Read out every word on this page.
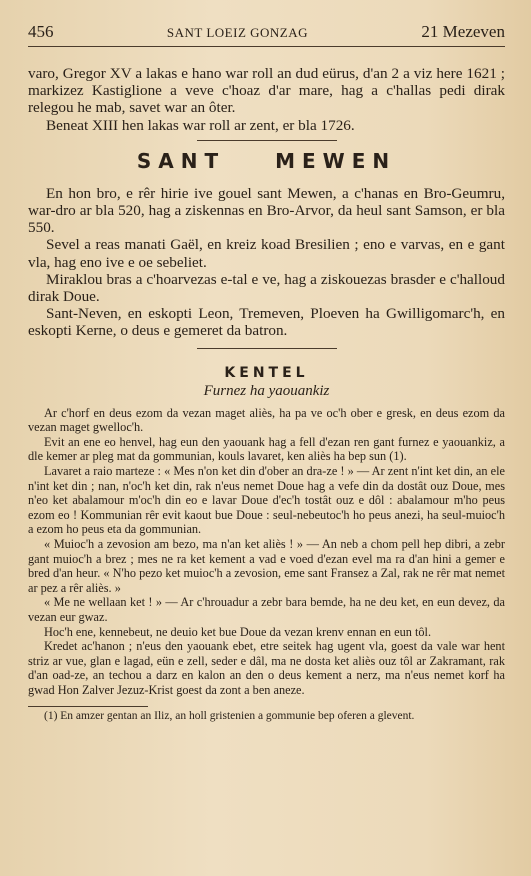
456	SANT LOEIZ GONZAG	21 Mezeven

varo, Gregor XV a lakas e hano war roll an dud eürus, d'an 2 a viz here 1621 ; markizez Kastiglione a veve c'hoaz d'ar mare, hag a c'hallas pedi dirak relegou he mab, savet war an ôter.

Beneat XIII hen lakas war roll ar zent, er bla 1726.

SANT	MEWEN

En hon bro, e rêr hirie ive gouel sant Mewen, a c'hanas en Bro-Geumru, war-dro ar bla 520, hag a ziskennas en Bro-Arvor, da heul sant Samson, er bla 550.

Sevel a reas manati Gaël, en kreiz koad Bresilien ; eno e varvas, en e gant vla, hag eno ive e oe sebeliet.

Miraklou bras a c'hoarvezas e-tal e ve, hag a ziskouezas brasder e c'halloud dirak Doue.

Sant-Neven, en eskopti Leon, Tremeven, Ploeven ha Gwilligomarc'h, en eskopti Kerne, o deus e gemeret da batron.

KENTEL
Furnez ha yaouankiz

Ar c'horf en deus ezom da vezan maget aliès, ha pa ve oc'h ober e gresk, en deus ezom da vezan maget gwelloc'h.

Evit an ene eo henvel, hag eun den yaouank hag a fell d'ezan ren gant furnez e yaouankiz, a dle kemer ar pleg mat da gommunian, kouls lavaret, ken aliès ha bep sun (1).

Lavaret a raio marteze : « Mes n'on ket din d'ober an dra-ze ! » — Ar zent n'int ket din, an ele n'int ket din ; nan, n'oc'h ket din, rak n'eus nemet Doue hag a vefe din da dostât ouz Doue, mes n'eo ket abalamour m'oc'h din eo e lavar Doue d'ec'h tostât ouz e dôl : abalamour m'ho peus ezom eo ! Kommunian rêr evit kaout bue Doue : seul-nebeutoc'h ho peus anezi, ha seul-muioc'h a ezom ho peus eta da gommunian.

« Muioc'h a zevosion am bezo, ma n'an ket aliès ! » — An neb a chom pell hep dibri, a zebr gant muioc'h a brez ; mes ne ra ket kement a vad e voed d'ezan evel ma ra d'an hini a gemer e bred d'an heur. « N'ho pezo ket muioc'h a zevosion, eme sant Fransez a Zal, rak ne rêr mat nemet ar pez a rêr aliès. »

« Me ne wellaan ket ! » — Ar c'hrouadur a zebr bara bemde, ha ne deu ket, en eun devez, da vezan eur gwaz.

Hoc'h ene, kennebeut, ne deuio ket bue Doue da vezan krenv ennan en eun tôl.

Kredet ac'hanon ; n'eus den yaouank ebet, etre seitek hag ugent vla, goest da vale war hent striz ar vue, glan e lagad, eün e zell, seder e dâl, ma ne dosta ket aliès ouz tôl ar Zakramant, rak d'an oad-ze, an techou a darz en kalon an den o deus kement a nerz, ma n'eus nemet korf ha gwad Hon Zalver Jezuz-Krist goest da zont a ben aneze.

(1) En amzer gentan an Iliz, an holl gristenien a gommunie bep oferen a glevent.
